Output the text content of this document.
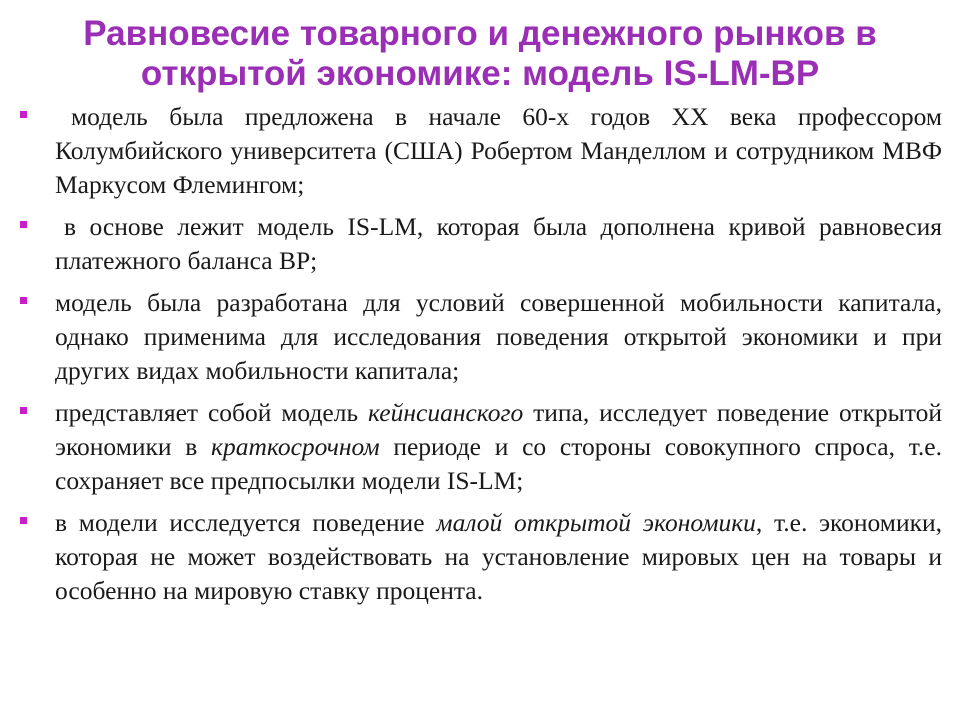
Равновесие товарного и денежного рынков в
открытой экономике: модель IS-LM-BP
модель была предложена в начале 60-х годов XX века профессором Колумбийского университета (США) Робертом Манделлом и сотрудником МВФ Маркусом Флемингом;
в основе лежит модель IS-LM, которая была дополнена кривой равновесия платежного баланса BP;
модель была разработана для условий совершенной мобильности капитала, однако применима для исследования поведения открытой экономики и при других видах мобильности капитала;
представляет собой модель кейнсианского типа, исследует поведение открытой экономики в краткосрочном периоде и со стороны совокупного спроса, т.е. сохраняет все предпосылки модели IS-LM;
в модели исследуется поведение малой открытой экономики, т.е. экономики, которая не может воздействовать на установление мировых цен на товары и особенно на мировую ставку процента.
